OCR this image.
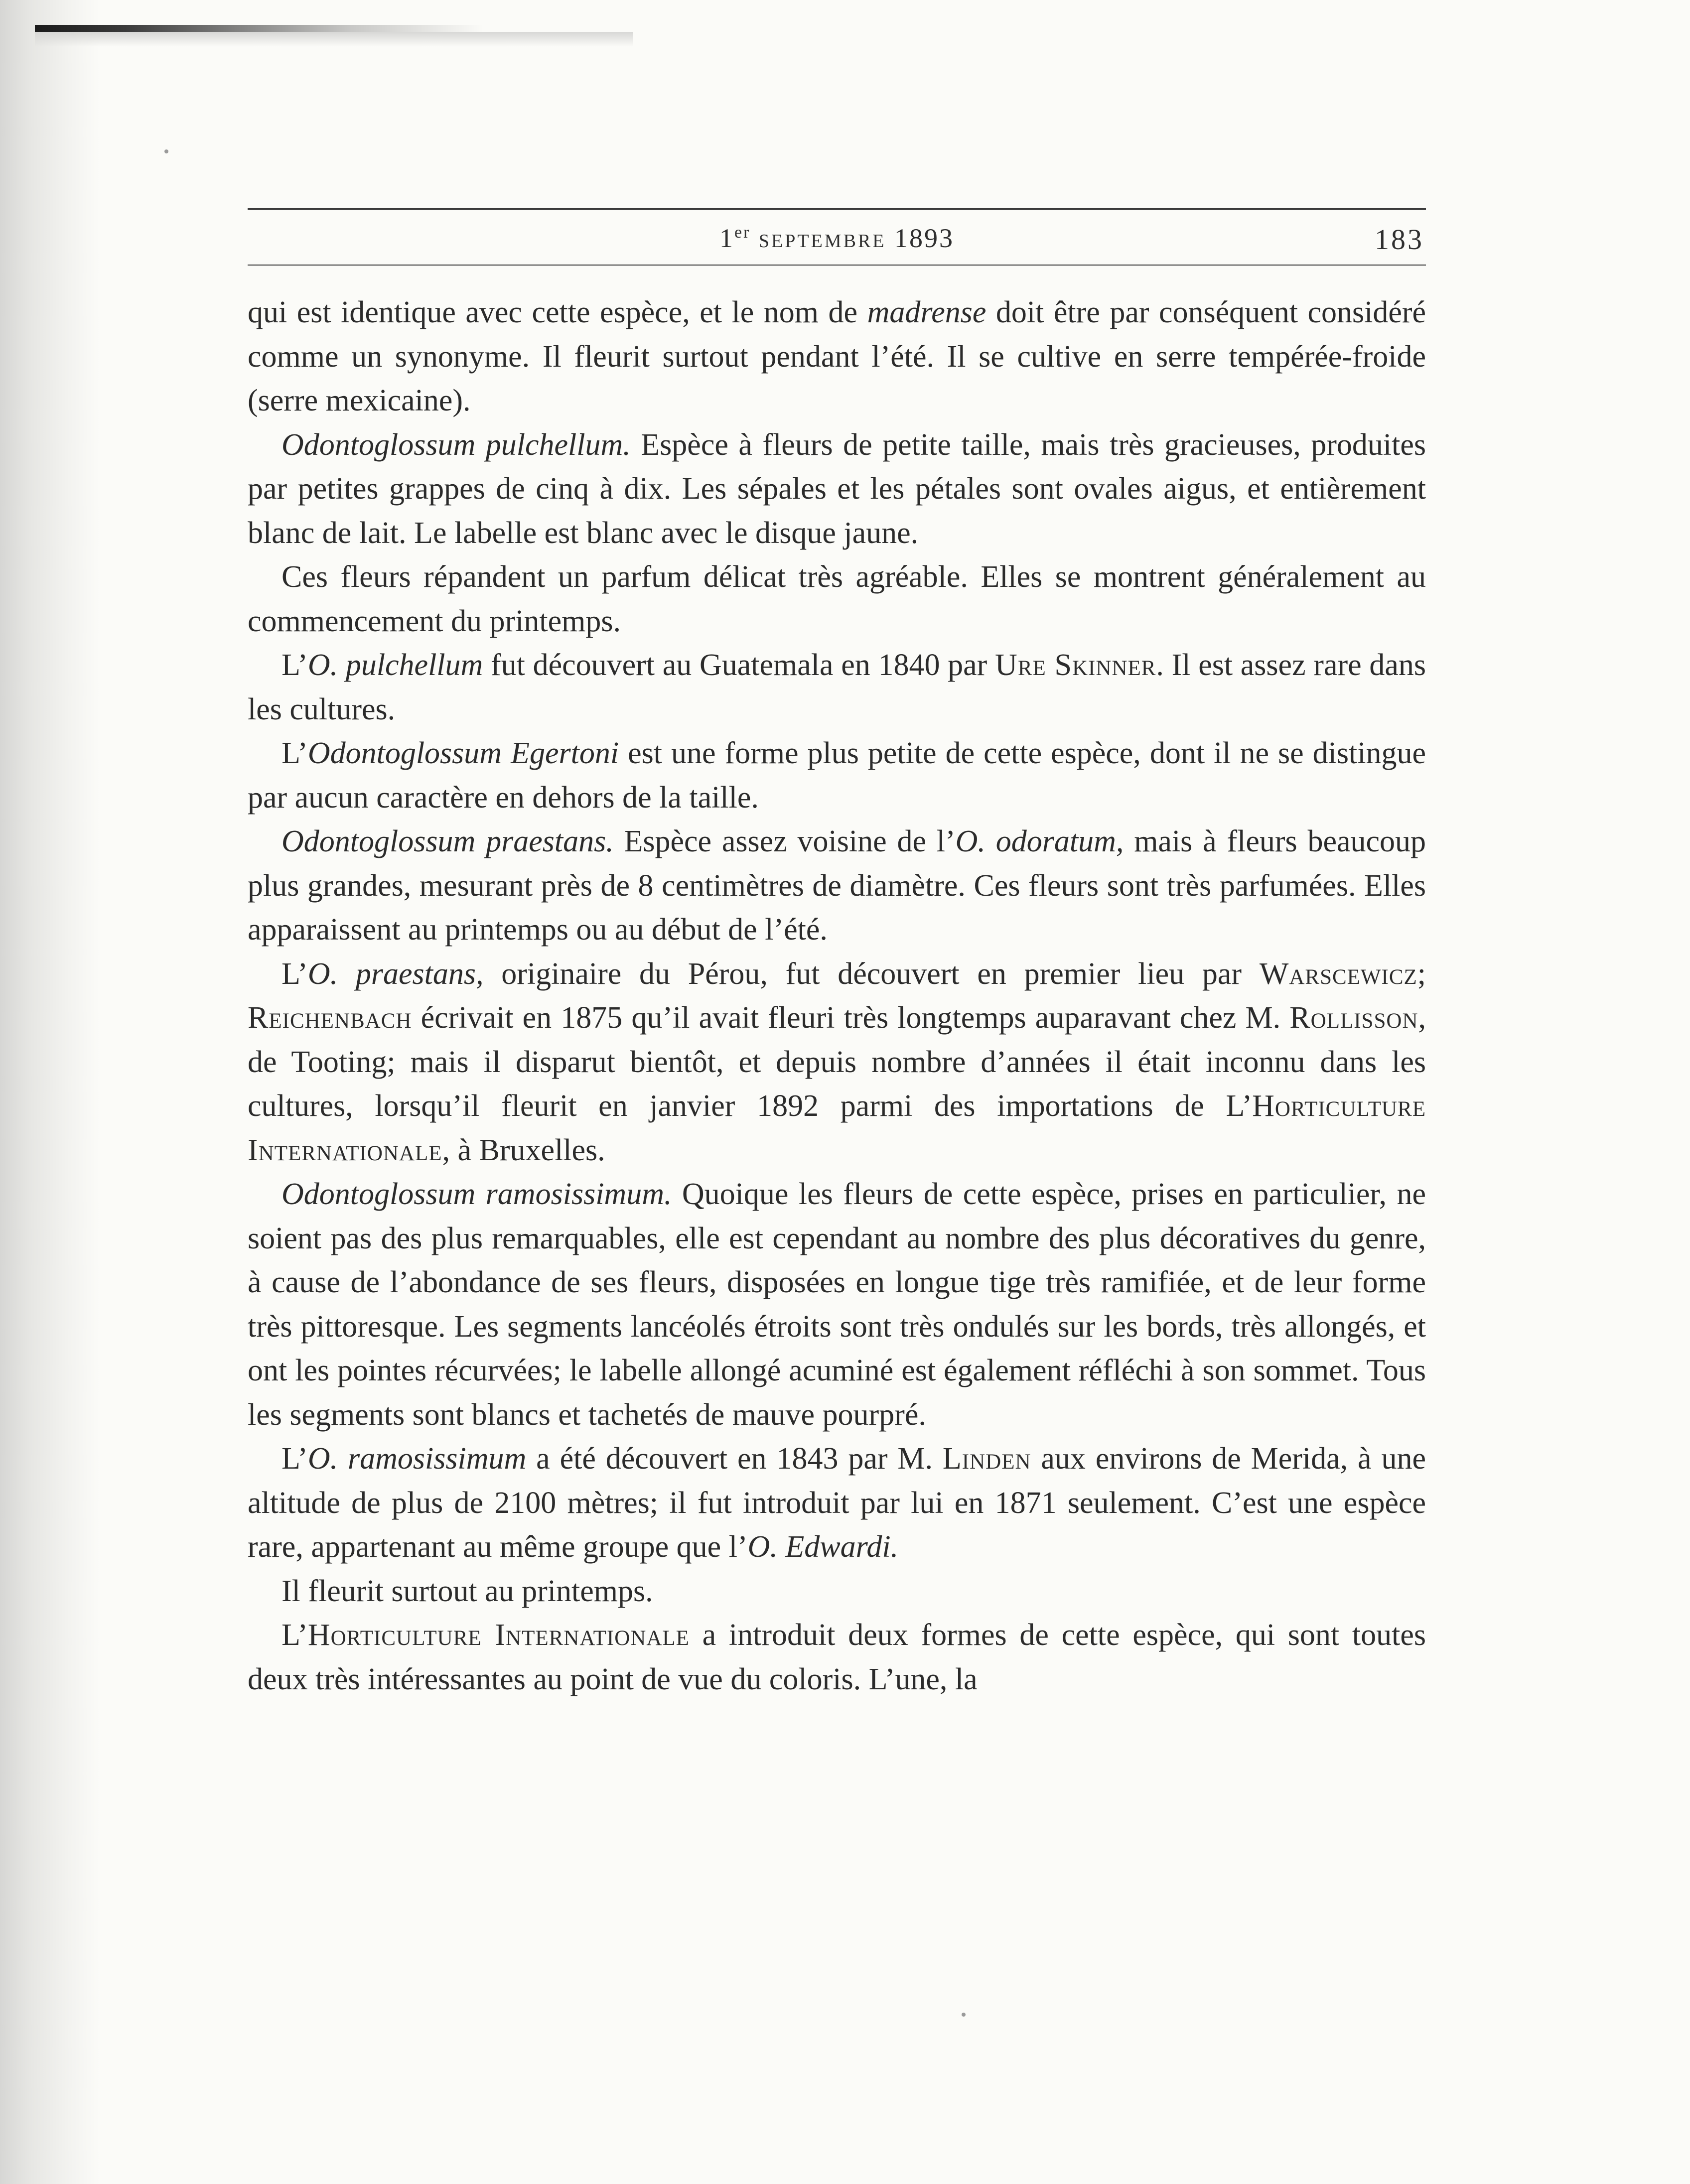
1er septembre 1893	183

qui est identique avec cette espèce, et le nom de madrense doit être par conséquent considéré comme un synonyme. Il fleurit surtout pendant l’été. Il se cultive en serre tempérée-froide (serre mexicaine).

Odontoglossum pulchellum. Espèce à fleurs de petite taille, mais très gracieuses, produites par petites grappes de cinq à dix. Les sépales et les pétales sont ovales aigus, et entièrement blanc de lait. Le labelle est blanc avec le disque jaune.

Ces fleurs répandent un parfum délicat très agréable. Elles se montrent généralement au commencement du printemps.

L’O. pulchellum fut découvert au Guatemala en 1840 par Ure Skinner. Il est assez rare dans les cultures.

L’Odontoglossum Egertoni est une forme plus petite de cette espèce, dont il ne se distingue par aucun caractère en dehors de la taille.

Odontoglossum praestans. Espèce assez voisine de l’O. odoratum, mais à fleurs beaucoup plus grandes, mesurant près de 8 centimètres de diamètre. Ces fleurs sont très parfumées. Elles apparaissent au printemps ou au début de l’été.

L’O. praestans, originaire du Pérou, fut découvert en premier lieu par Warscewicz; Reichenbach écrivait en 1875 qu’il avait fleuri très longtemps auparavant chez M. Rollisson, de Tooting; mais il disparut bientôt, et depuis nombre d’années il était inconnu dans les cultures, lorsqu’il fleurit en janvier 1892 parmi des importations de L’Horticulture Internationale, à Bruxelles.

Odontoglossum ramosissimum. Quoique les fleurs de cette espèce, prises en particulier, ne soient pas des plus remarquables, elle est cependant au nombre des plus décoratives du genre, à cause de l’abondance de ses fleurs, disposées en longue tige très ramifiée, et de leur forme très pittoresque. Les segments lancéolés étroits sont très ondulés sur les bords, très allongés, et ont les pointes récurvées; le labelle allongé acuminé est également réfléchi à son sommet. Tous les segments sont blancs et tachetés de mauve pourpré.

L’O. ramosissimum a été découvert en 1843 par M. Linden aux environs de Merida, à une altitude de plus de 2100 mètres; il fut introduit par lui en 1871 seulement. C’est une espèce rare, appartenant au même groupe que l’O. Edwardi.

Il fleurit surtout au printemps.

L’Horticulture Internationale a introduit deux formes de cette espèce, qui sont toutes deux très intéressantes au point de vue du coloris. L’une, la
